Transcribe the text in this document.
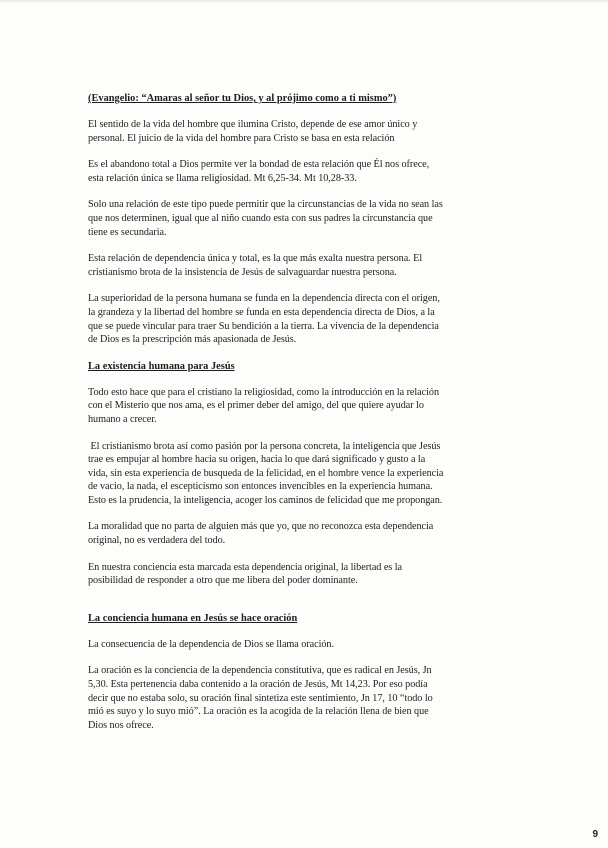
(Evangelio: “Amaras al señor tu Dios, y al prójimo como a ti mismo”)
El sentido de la vida del hombre que ilumina Cristo, depende de ese amor único y
personal. El juicio de la vida del hombre para Cristo se basa en esta relación
Es el abandono total a Dios permite ver la bondad de esta relación que Él nos ofrece,
esta relación única se llama religiosidad. Mt 6,25-34. Mt 10,28-33.
Solo una relación de este tipo puede permitir que la circunstancias de la vida no sean las
que nos determinen, igual que al niño cuando esta con sus padres la circunstancia que
tiene es secundaria.
Esta relación de dependencia única y total, es la que más exalta nuestra persona. El
cristianismo brota de la insistencia de Jesús de salvaguardar nuestra persona.
La superioridad de la persona humana se funda en la dependencia directa con el origen,
la grandeza y la libertad del hombre se funda en esta dependencia directa de Dios, a la
que se puede vincular para traer Su bendición a la tierra. La vivencia de la dependencia
de Dios es la prescripción más apasionada de Jesús.
La existencia humana para Jesús
Todo esto hace que para el cristiano la religiosidad, como la introducción en la relación
con el Misterio que nos ama, es el primer deber del amigo, del que quiere ayudar lo
humano a crecer.
El cristianismo brota así como pasión por la persona concreta, la inteligencia que Jesús
trae es empujar al hombre hacia su origen, hacia lo que dará significado y gusto a la
vida, sin esta experiencia de busqueda de la felicidad, en el hombre vence la experiencia
de vacio, la nada, el escepticismo son entonces invencibles en la experiencia humana.
Esto es la prudencia, la inteligencia, acoger los caminos de felicidad que me propongan.
La moralidad que no parta de alguien más que yo, que no reconozca esta dependencia
original, no es verdadera del todo.
En nuestra conciencia esta marcada esta dependencia original, la libertad es la
posibilidad de responder a otro que me libera del poder dominante.
La conciencia humana en Jesús se hace oración
La consecuencia de la dependencia de Dios se llama oración.
La oración es la conciencia de la dependencia constitutiva, que es radical en Jesús, Jn
5,30. Esta pertenencia daba contenido a la oración de Jesús, Mt 14,23. Por eso podía
decir que no estaba solo, su oración final sintetiza este sentimiento, Jn 17, 10 “todo lo
mió es suyo y lo suyo mió”. La oración es la acogida de la relación llena de bien que
Dios nos ofrece.
9
